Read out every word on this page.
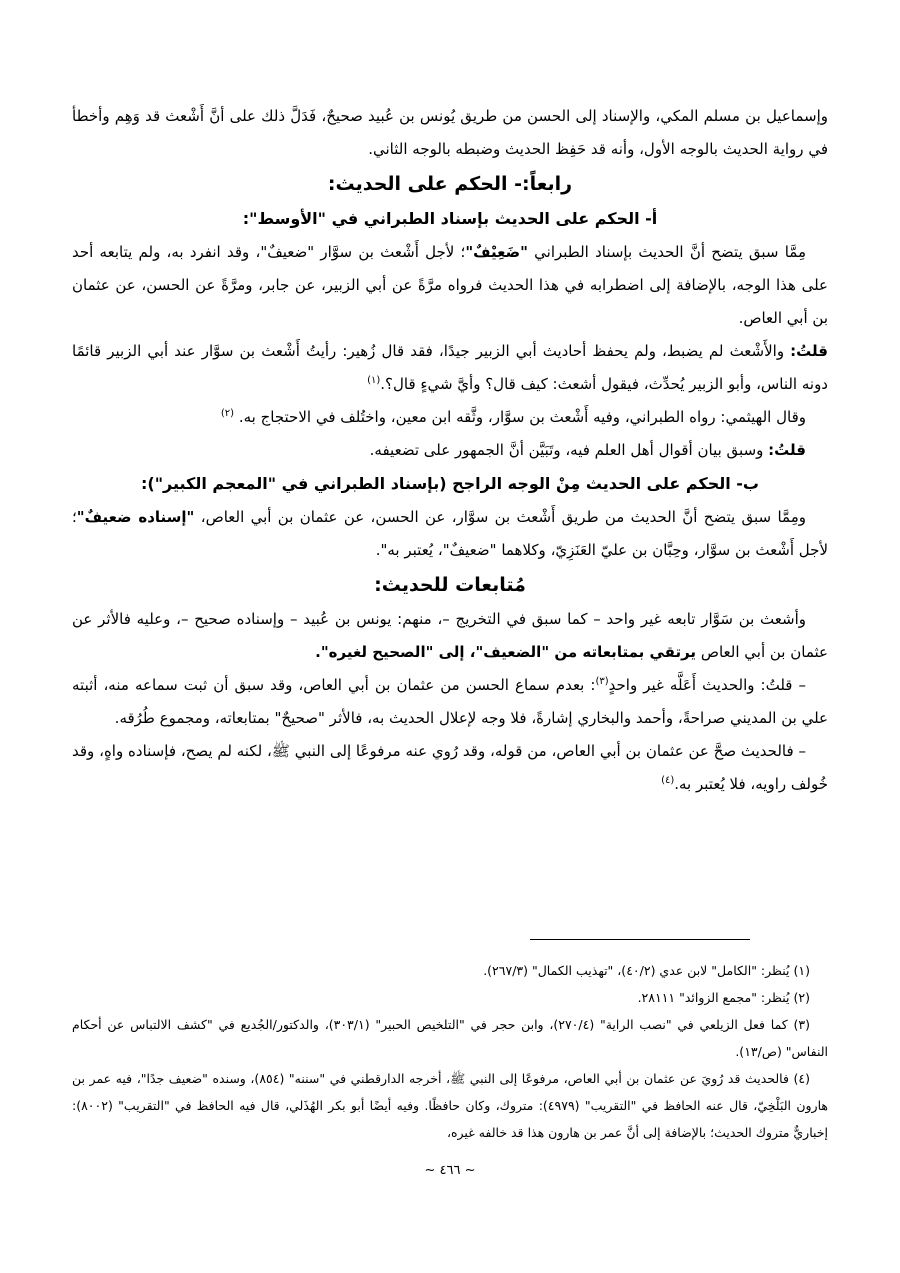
وإسماعيل بن مسلم المكي، والإسناد إلى الحسن من طريق يُونس بن عُبيد صحيحٌ، فَدَلَّ ذلك على أنَّ أَشْعث قد وَهِم وأخطأ في رواية الحديث بالوجه الأول، وأنه قد حَفِظ الحديث وضبطه بالوجه الثاني.

رابعاً:- الحكم على الحديث:

أ- الحكم على الحديث بإسناد الطبراني في "الأوسط":

مِمَّا سبق يتضح أنَّ الحديث بإسناد الطبراني "ضَعِيْفٌ"؛ لأجل أَشْعث بن سوَّار "ضعيفٌ"، وقد انفرد به، ولم يتابعه أحد على هذا الوجه، بالإضافة إلى اضطرابه في هذا الحديث فرواه مرَّةً عن أبي الزبير، عن جابر، ومرَّةً عن الحسن، عن عثمان بن أبي العاص.

قلتُ: والأَشْعث لم يضبط، ولم يحفظ أحاديث أبي الزبير جيدًا، فقد قال زُهير: رأيتُ أَشْعث بن سوَّار عند أبي الزبير قائمًا دونه الناس، وأبو الزبير يُحدِّث، فيقول أشعث: كيف قال؟ وأيَّ شيءٍ قال؟.$^{(١)}$

وقال الهيثمي: رواه الطبراني، وفيه أَشْعث بن سوَّار، وثَّقه ابن معين، واختُلف في الاحتجاج به. $^{(٢)}$

قلتُ: وسبق بيان أقوال أهل العلم فيه، وتَبَيَّن أنَّ الجمهور على تضعيفه.

ب- الحكم على الحديث مِنْ الوجه الراجح (بإسناد الطبراني في "المعجم الكبير"):

ومِمَّا سبق يتضح أنَّ الحديث من طريق أَشْعث بن سوَّار، عن الحسن، عن عثمان بن أبي العاص، "إسناده ضعيفٌ"؛ لأجل أَشْعث بن سوَّار، وحِبَّان بن عليّ العَنَزِيّ، وكلاهما "ضعيفٌ"، يُعتبر به".

مُتابعات للحديث:

وأشعث بن سَوَّار تابعه غير واحد – كما سبق في التخريج –، منهم: يونس بن عُبيد – وإسناده صحيح –، وعليه فالأثر عن عثمان بن أبي العاص يرتقي بمتابعاته من "الضعيف"، إلى "الصحيح لغيره".

– قلتُ: والحديث أَعَلَّه غير واحدٍ$^{(٣)}$: بعدم سماع الحسن من عثمان بن أبي العاص، وقد سبق أن ثبت سماعه منه، أثبته علي بن المديني صراحةً، وأحمد والبخاري إشارةً، فلا وجه لإعلال الحديث به، فالأثر "صحيحٌ" بمتابعاته، ومجموع طُرُقه.

– فالحديث صحَّ عن عثمان بن أبي العاص، من قوله، وقد رُوي عنه مرفوعًا إلى النبي ﷺ، لكنه لم يصح، فإسناده واهٍ، وقد خُولف راويه، فلا يُعتبر به.$^{(٤)}$

(١) يُنظر: "الكامل" لابن عدي (٤٠/٢)، "تهذيب الكمال" (٢٦٧/٣).

(٢) يُنظر: "مجمع الزوائد" ٢٨١١١.

(٣) كما فعل الزيلعي في "نصب الراية" (٢٧٠/٤)، وابن حجر في "التلخيص الحبير" (٣٠٣/١)، والدكتور/الجُديع في "كشف الالتباس عن أحكام النفاس" (ص/١٣).

(٤) فالحديث قد رُويَ عن عثمان بن أبي العاص، مرفوعًا إلى النبي ﷺ، أخرجه الدارقطني في "سننه" (٨٥٤)، وسنده "ضعيف جدًا"، فيه عمر بن هارون البَلْخِيّ، قال عنه الحافظ في "التقريب" (٤٩٧٩): متروك، وكان حافظًا. وفيه أيضًا أبو بكر الهُذَلي، قال فيه الحافظ في "التقريب" (٨٠٠٢): إخباريٌّ متروك الحديث؛ بالإضافة إلى أنَّ عمر بن هارون هذا قد خالفه غيره،

~ ٤٦٦ ~
